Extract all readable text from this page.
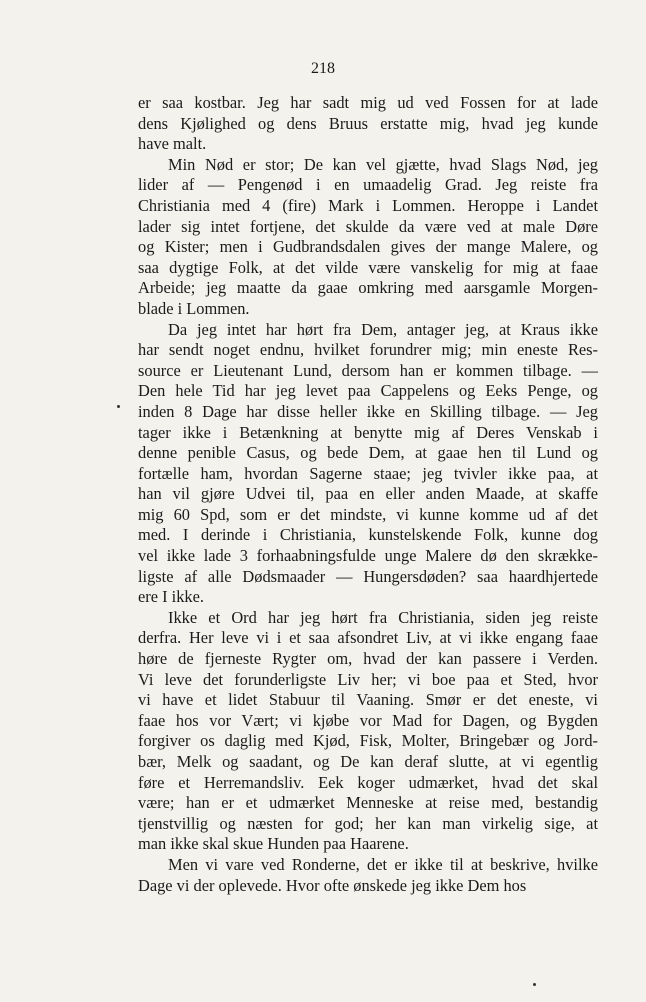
218

er saa kostbar. Jeg har sadt mig ud ved Fossen for at lade
dens Kjølighed og dens Bruus erstatte mig, hvad jeg kunde
have malt.

Min Nød er stor; De kan vel gjætte, hvad Slags Nød, jeg
lider af — Pengenød i en umaadelig Grad. Jeg reiste fra
Christiania med 4 (fire) Mark i Lommen. Heroppe i Landet
lader sig intet fortjene, det skulde da være ved at male Døre
og Kister; men i Gudbrandsdalen gives der mange Malere, og
saa dygtige Folk, at det vilde være vanskelig for mig at faae
Arbeide; jeg maatte da gaae omkring med aarsgamle Morgen-
blade i Lommen.

Da jeg intet har hørt fra Dem, antager jeg, at Kraus ikke
har sendt noget endnu, hvilket forundrer mig; min eneste Res-
source er Lieutenant Lund, dersom han er kommen tilbage. —
Den hele Tid har jeg levet paa Cappelens og Eeks Penge, og
inden 8 Dage har disse heller ikke en Skilling tilbage. — Jeg
tager ikke i Betænkning at benytte mig af Deres Venskab i
denne penible Casus, og bede Dem, at gaae hen til Lund og
fortælle ham, hvordan Sagerne staae; jeg tvivler ikke paa, at
han vil gjøre Udvei til, paa en eller anden Maade, at skaffe
mig 60 Spd, som er det mindste, vi kunne komme ud af det
med. I derinde i Christiania, kunstelskende Folk, kunne dog
vel ikke lade 3 forhaabningsfulde unge Malere dø den skrække-
ligste af alle Dødsmaader — Hungersdøden? saa haardhjertede
ere I ikke.

Ikke et Ord har jeg hørt fra Christiania, siden jeg reiste
derfra. Her leve vi i et saa afsondret Liv, at vi ikke engang faae
høre de fjerneste Rygter om, hvad der kan passere i Verden.
Vi leve det forunderligste Liv her; vi boe paa et Sted, hvor
vi have et lidet Stabuur til Vaaning. Smør er det eneste, vi
faae hos vor Vært; vi kjøbe vor Mad for Dagen, og Bygden
forgiver os daglig med Kjød, Fisk, Molter, Bringebær og Jord-
bær, Melk og saadant, og De kan deraf slutte, at vi egentlig
føre et Herremandsliv. Eek koger udmærket, hvad det skal
være; han er et udmærket Menneske at reise med, bestandig
tjenstvillig og næsten for god; her kan man virkelig sige, at
man ikke skal skue Hunden paa Haarene.

Men vi vare ved Ronderne, det er ikke til at beskrive, hvilke
Dage vi der oplevede. Hvor ofte ønskede jeg ikke Dem hos
